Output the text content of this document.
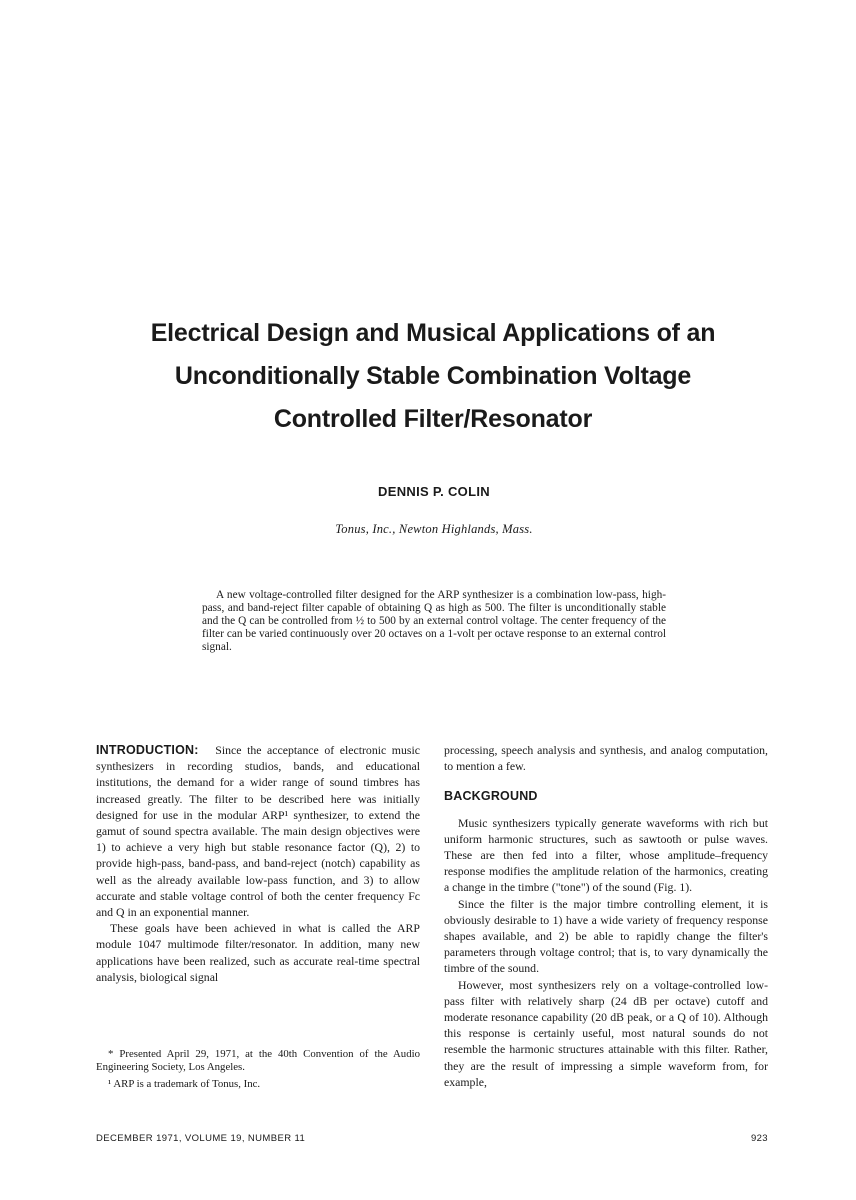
Electrical Design and Musical Applications of an
Unconditionally Stable Combination Voltage
Controlled Filter/Resonator
DENNIS P. COLIN
Tonus, Inc., Newton Highlands, Mass.

A new voltage-controlled filter designed for the ARP synthesizer is a combination low-pass, high-pass, and band-reject filter capable of obtaining Q as high as 500. The filter is unconditionally stable and the Q can be controlled from ½ to 500 by an external control voltage. The center frequency of the filter can be varied continuously over 20 octaves on a 1-volt per octave response to an external control signal.

INTRODUCTION: Since the acceptance of electronic music synthesizers in recording studios, bands, and educational institutions, the demand for a wider range of sound timbres has increased greatly. The filter to be described here was initially designed for use in the modular ARP¹ synthesizer, to extend the gamut of sound spectra available. The main design objectives were 1) to achieve a very high but stable resonance factor (Q), 2) to provide high-pass, band-pass, and band-reject (notch) capability as well as the already available low-pass function, and 3) to allow accurate and stable voltage control of both the center frequency Fc and Q in an exponential manner.

These goals have been achieved in what is called the ARP module 1047 multimode filter/resonator. In addition, many new applications have been realized, such as accurate real-time spectral analysis, biological signal

processing, speech analysis and synthesis, and analog computation, to mention a few.

BACKGROUND

Music synthesizers typically generate waveforms with rich but uniform harmonic structures, such as sawtooth or pulse waves. These are then fed into a filter, whose amplitude–frequency response modifies the amplitude relation of the harmonics, creating a change in the timbre ("tone") of the sound (Fig. 1).

Since the filter is the major timbre controlling element, it is obviously desirable to 1) have a wide variety of frequency response shapes available, and 2) be able to rapidly change the filter's parameters through voltage control; that is, to vary dynamically the timbre of the sound.

However, most synthesizers rely on a voltage-controlled low-pass filter with relatively sharp (24 dB per octave) cutoff and moderate resonance capability (20 dB peak, or a Q of 10). Although this response is certainly useful, most natural sounds do not resemble the harmonic structures attainable with this filter. Rather, they are the result of impressing a simple waveform from, for example,

* Presented April 29, 1971, at the 40th Convention of the Audio Engineering Society, Los Angeles.

¹ ARP is a trademark of Tonus, Inc.

DECEMBER 1971, VOLUME 19, NUMBER 11	923
